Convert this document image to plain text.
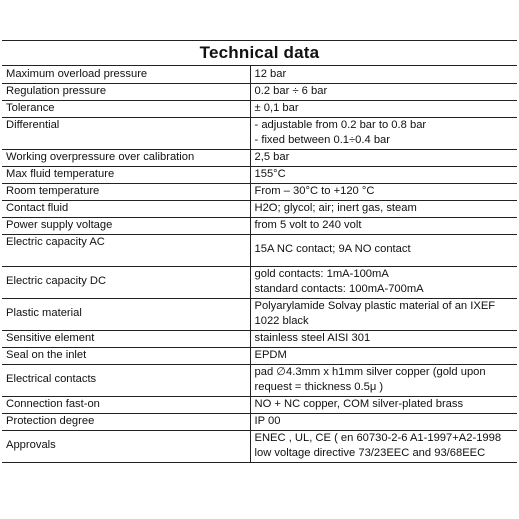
Technical data
Maximum overload pressure	12 bar

Regulation pressure	0.2 bar ÷ 6 bar

Tolerance	± 0,1 bar

Differential	- adjustable from 0.2 bar to 0.8 bar
- fixed between 0.1÷0.4 bar

Working overpressure over calibration	2,5 bar

Max fluid temperature	155°C

Room temperature	From – 30°C to +120 °C

Contact fluid	H2O; glycol; air; inert gas, steam

Power supply voltage	from 5 volt to 240 volt

Electric capacity AC	15A NC contact; 9A NO contact

Electric capacity DC	gold contacts: 1mA-100mA
standard contacts: 100mA-700mA

Plastic material	Polyarylamide Solvay plastic material of an IXEF
1022 black

Sensitive element	stainless steel AISI 301

Seal on the inlet	EPDM

Electrical contacts	pad ∅4.3mm x h1mm silver copper (gold upon
request = thickness 0.5μ )

Connection fast-on	NO + NC copper, COM silver-plated brass

Protection degree	IP 00

Approvals	ENEC , UL, CE ( en 60730-2-6 A1-1997+A2-1998
low voltage directive 73/23EEC and 93/68EEC
